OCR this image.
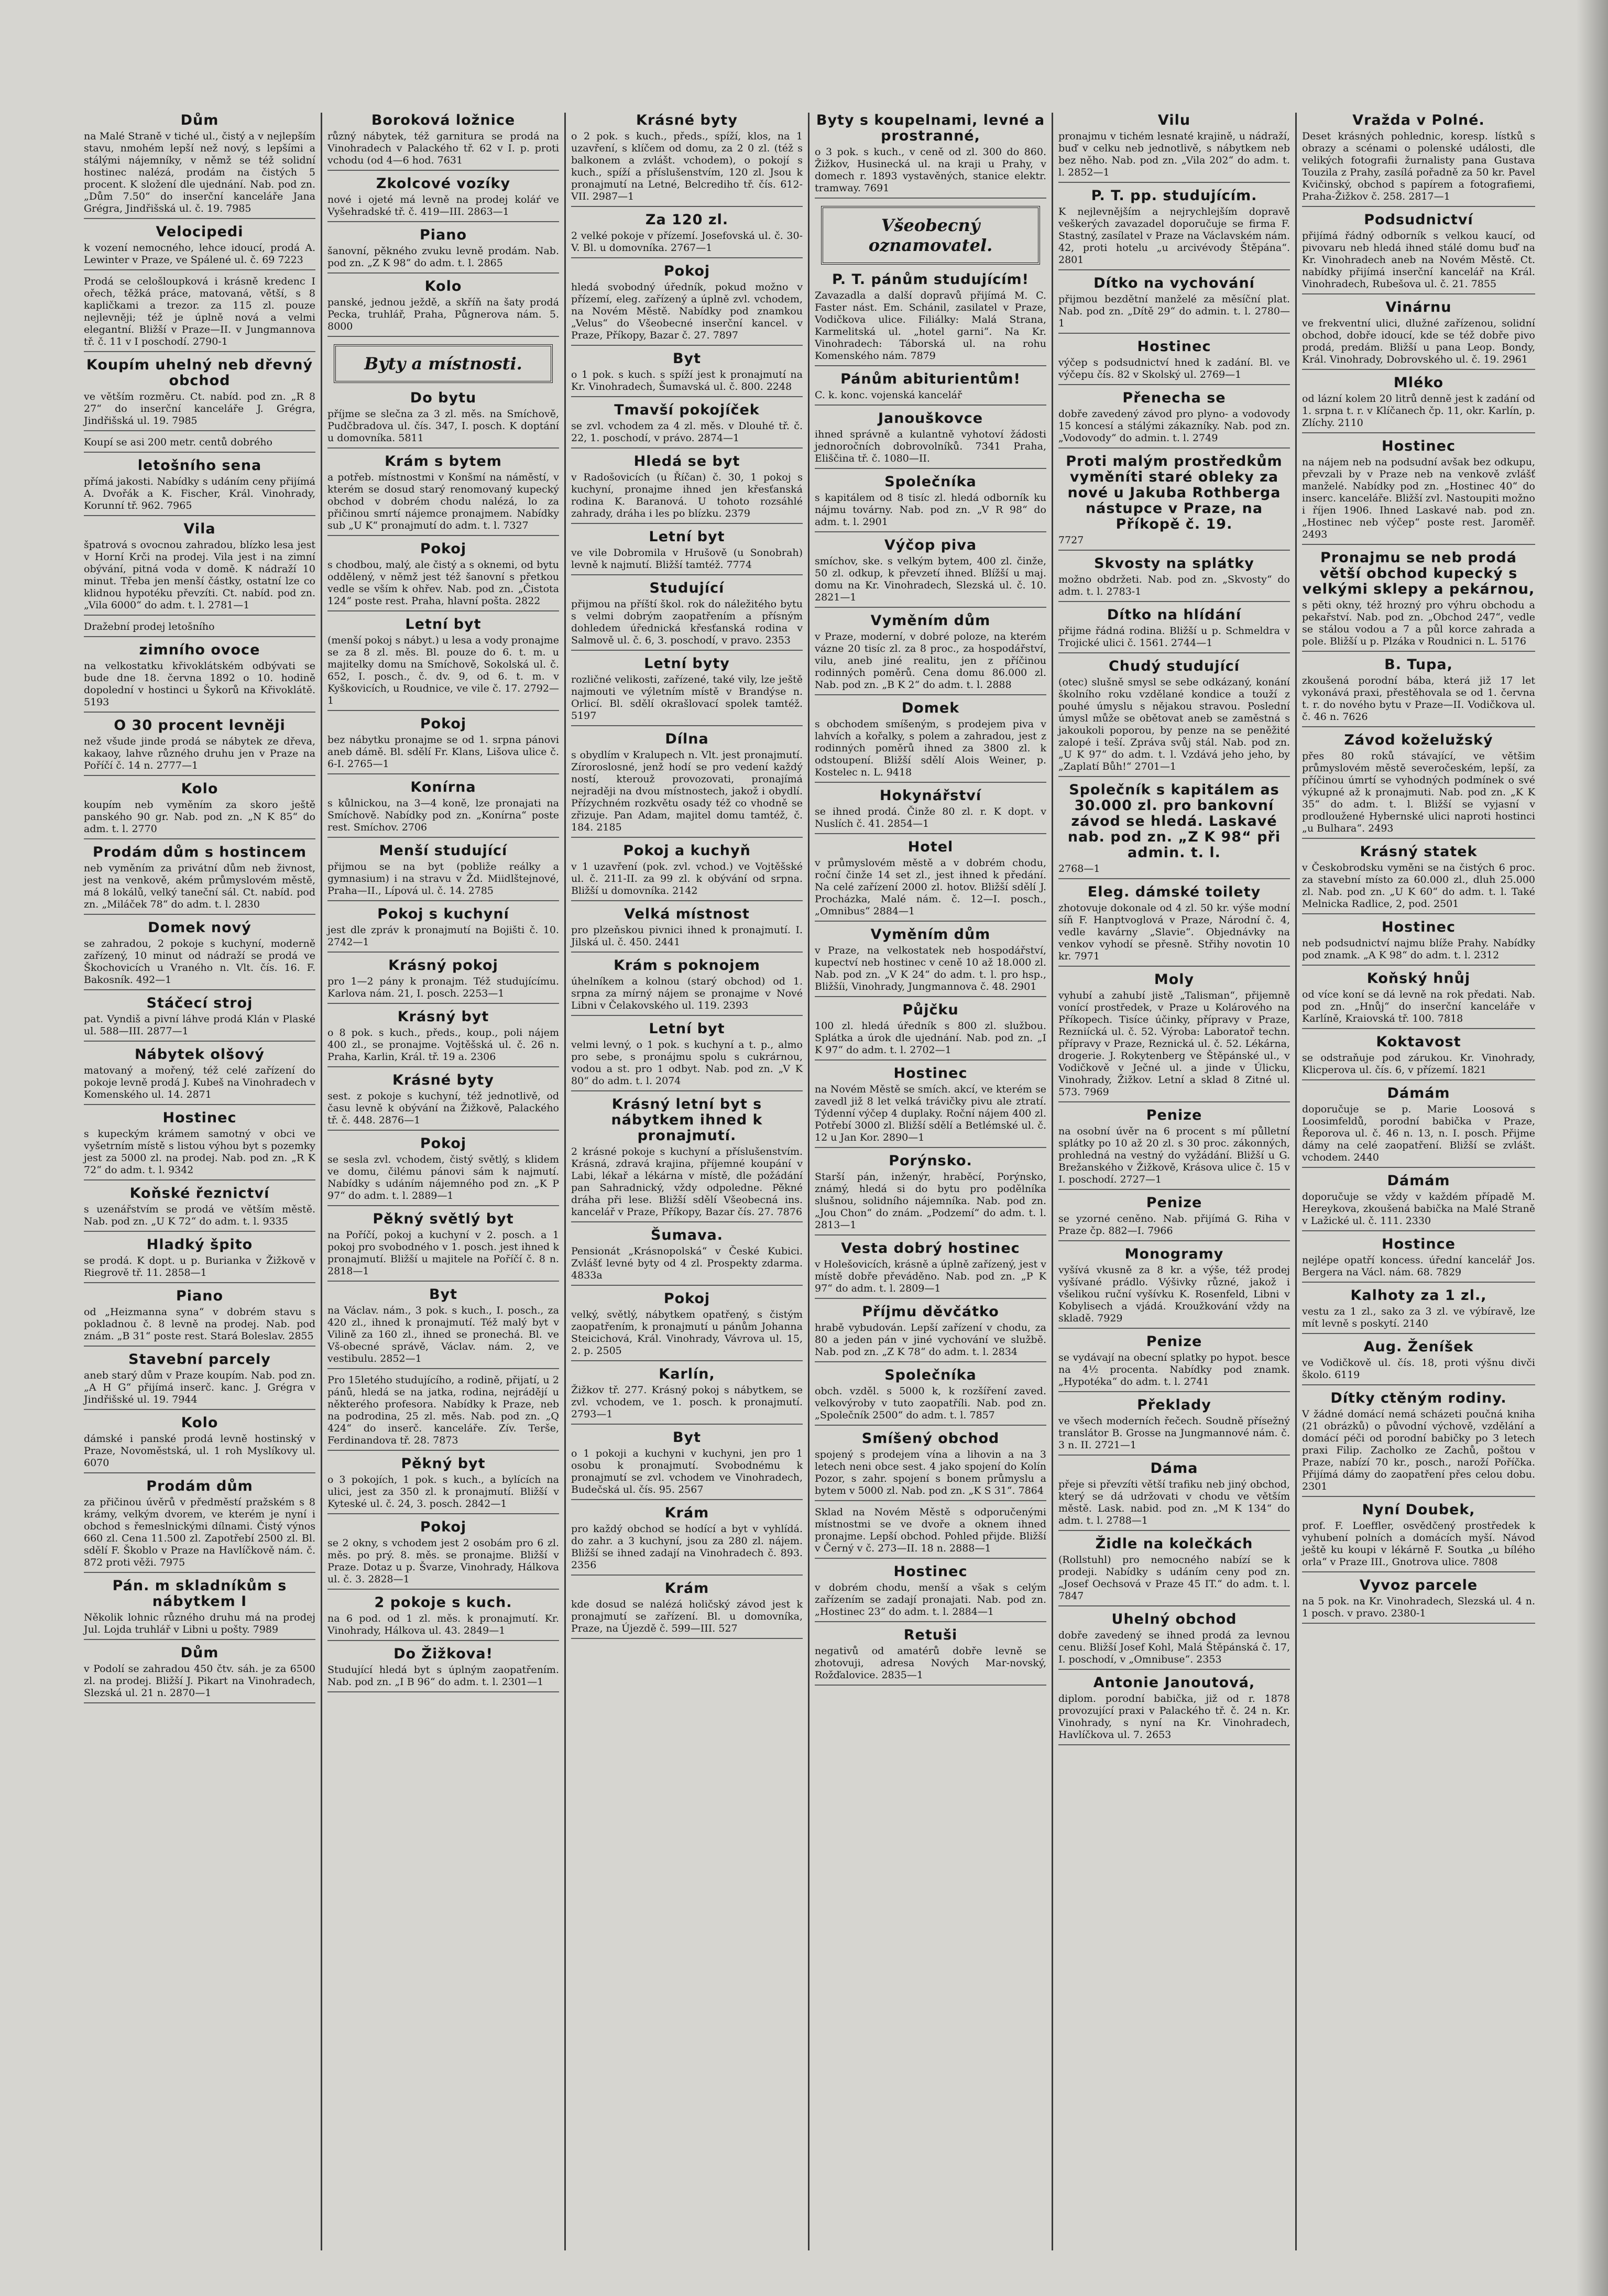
Dům

na Malé Straně v tiché ul., čistý a v nejlepším stavu, nmohém lepší než nový, s lepšími a stálými nájemníky, v němž se též solidní hostinec nalézá, prodám na čistých 5 procent. K složení dle ujednání. Nab. pod zn. „Dům 7.50“ do inserční kanceláře Jana Grégra, Jindřišská ul. č. 19. 7985

Velocipedi

k vození nemocného, lehce idoucí, prodá A. Lewinter v Praze, ve Spálené ul. č. 69 7223

Prodá se celošloupková i krásně kredenc I ořech, těžká práce, matovaná, větší, s 8 kapličkami a trezor. za 115 zl. pouze nejlevněji; též je úplně nová a velmi elegantní. Bližší v Praze—II. v Jungmannova tř. č. 11 v I poschodí. 2790-1

Koupím uhelný neb dřevný obchod

ve větším rozměru. Ct. nabíd. pod zn. „R 8 27“ do inserční kanceláře J. Grégra, Jindřišská ul. 19. 7985

Koupí se asi 200 metr. centů dobrého

letošního sena

přímá jakosti. Nabídky s udáním ceny přijímá A. Dvořák a K. Fischer, Král. Vinohrady, Korunní tř. 962. 7965

Vila

špatrová s ovocnou zahradou, blízko lesa jest v Horní Krči na prodej. Vila jest i na zimní obývání, pitná voda v domě. K nádraží 10 minut. Třeba jen menší částky, ostatní lze co klidnou hypotéku převzíti. Ct. nabíd. pod zn. „Vila 6000“ do adm. t. l. 2781—1

Dražební prodej letošního

zimního ovoce

na velkostatku křivoklátském odbývati se bude dne 18. června 1892 o 10. hodině dopolední v hostinci u Šykorů na Křivoklátě. 5193

O 30 procent levněji

než všude jinde prodá se nábytek ze dřeva, kakaoy, lahve různého druhu jen v Praze na Poříčí č. 14 n. 2777—1

Kolo

koupím neb vyměním za skoro ještě panského 90 gr. Nab. pod zn. „N K 85“ do adm. t. l. 2770

Prodám dům s hostincem

neb vyměním za privátní dům neb živnost, jest na venkově, akém průmyslovém městě, má 8 lokálů, velký taneční sál. Ct. nabíd. pod zn. „Miláček 78“ do adm. t. l. 2830

Domek nový

se zahradou, 2 pokoje s kuchyní, moderně zařízený, 10 minut od nádraží se prodá ve Škochovicích u Vraného n. Vlt. čís. 16. F. Bakosník. 492—1

Stáčecí stroj

pat. Vyndiš a pivní láhve prodá Klán v Plaské ul. 588—III. 2877—1

Nábytek olšový

matovaný a mořený, též celé zařízení do pokoje levně prodá J. Kubeš na Vinohradech v Komenského ul. 14. 2871

Hostinec

s kupeckým krámem samotný v obci ve vyšetrním místě s listou výhou byt s pozemky jest za 5000 zl. na prodej. Nab. pod zn. „R K 72“ do adm. t. l. 9342

Koňské řeznictví

s uzenářstvím se prodá ve větším městě. Nab. pod zn. „U K 72“ do adm. t. l. 9335

Hladký špito

se prodá. K dopt. u p. Burianka v Žižkově v Riegrově tř. 11. 2858—1

Piano

od „Heizmanna syna“ v dobrém stavu s pokladnou č. 8 levně na prodej. Nab. pod znám. „B 31“ poste rest. Stará Boleslav. 2855

Stavební parcely

aneb starý dům v Praze koupím. Nab. pod zn. „A H G“ přijímá inserč. kanc. J. Grégra v Jindřišské ul. 19. 7944

Kolo

dámské i panské prodá levně hostinský v Praze, Novoměstská, ul. 1 roh Myslíkovy ul. 6070

Prodám dům

za přičinou úvěrů v předměstí pražském s 8 krámy, velkým dvorem, ve kterém je nyní i obchod s řemeslnickými dílnami. Čistý výnos 660 zl. Cena 11.500 zl. Zapotřebí 2500 zl. Bl. sdělí F. Škoblo v Praze na Havlíčkově nám. č. 872 proti věži. 7975

Pán. m skladníkům s nábytkem I

Několik lohnic různého druhu má na prodej Jul. Lojda truhlář v Libni u pošty. 7989

Dům

v Podolí se zahradou 450 čtv. sáh. je za 6500 zl. na prodej. Bližší J. Pikart na Vinohradech, Slezská ul. 21 n. 2870—1

Boroková ložnice

různý nábytek, též garnitura se prodá na Vinohradech v Palackého tř. 62 v I. p. proti vchodu (od 4—6 hod. 7631

Zkolcové vozíky

nové i ojeté má levně na prodej koláŕ ve Vyšehradské tř. č. 419—III. 2863—1

Piano

šanovní, pěkného zvuku levně prodám. Nab. pod zn. „Z K 98“ do adm. t. l. 2865

Kolo

panské, jednou ježdě, a skříň na šaty prodá Pecka, truhlář, Praha, Půgnerova nám. 5. 8000

Byty a místnosti.
Do bytu

příjme se slečna za 3 zl. měs. na Smíchově, Pudčbradova ul. čís. 347, I. posch. K doptání u domovníka. 5811

Krám s bytem

a potřeb. místnostmi v Konšmí na náměstí, v kterém se dosud starý renomovaný kupecký obchod v dobrém chodu nalézá, lo za přičinou smrtí nájemce pronajmem. Nabídky sub „U K“ pronajmutí do adm. t. l. 7327

Pokoj

s chodbou, malý, ale čistý a s oknemi, od bytu oddělený, v němž jest též šanovní s přetkou vedle se vším k ohřev. Nab. pod zn. „Čistota 124“ poste rest. Praha, hlavní pošta. 2822

Letní byt

(menší pokoj s nábyt.) u lesa a vody pronajme se za 8 zl. měs. Bl. pouze do 6. t. m. u majitelky domu na Smíchově, Sokolská ul. č. 652, I. posch., č. dv. 9, od 6. t. m. v Kyškovicích, u Roudnice, ve vile č. 17. 2792—1

Pokoj

bez nábytku pronajme se od 1. srpna pánovi aneb dámě. Bl. sdělí Fr. Klans, Lišova ulice č. 6-I. 2765—1

Konírna

s kůlnickou, na 3—4 koně, lze pronajati na Smíchově. Nabídky pod zn. „Konírna“ poste rest. Smíchov. 2706

Menší studující

přijmou se na byt (pobliže reálky a gymnasium) i na stravu v Žd. Miidlštejnové, Praha—II., Lípová ul. č. 14. 2785

Pokoj s kuchyní

jest dle zpráv k pronajmutí na Bojišti č. 10. 2742—1

Krásný pokoj

pro 1—2 pány k pronajm. Též studujícímu. Karlova nám. 21, I. posch. 2253—1

Krásný byt

o 8 pok. s kuch., předs., koup., poli nájem 400 zl., se pronajme. Vojtěšská ul. č. 26 n. Praha, Karlin, Král. tř. 19 a. 2306

Krásné byty

sest. z pokoje s kuchyní, též jednotlivě, od času levně k obývání na Žižkově, Palackého tř. č. 448. 2876—1

Pokoj

se sesla zvl. vchodem, čistý světlý, s klidem ve domu, čilému pánovi sám k najmutí. Nabídky s udáním nájemného pod zn. „K P 97“ do adm. t. l. 2889—1

Pěkný světlý byt

na Poříčí, pokoj a kuchyní v 2. posch. a 1 pokoj pro svobodného v 1. posch. jest ihned k pronajmutí. Bližší u majitele na Poříčí č. 8 n. 2818—1

Byt

na Václav. nám., 3 pok. s kuch., I. posch., za 420 zl., ihned k pronajmutí. Též malý byt v Vilině za 160 zl., ihned se pronechá. Bl. ve Vš-obecné správě, Václav. nám. 2, ve vestibulu. 2852—1

Pro 15letého studujícího, a rodině, přijatí, u 2 pánů, hledá se na jatka, rodina, nejrádějí u některého profesora. Nabídky k Praze, neb na podrodina, 25 zl. měs. Nab. pod zn. „Q 424“ do inserč. kanceláře. Zív. Terše, Ferdinandova tř. 28. 7873

Pěkný byt

o 3 pokojích, 1 pok. s kuch., a bylících na ulici, jest za 350 zl. k pronajmutí. Bližší v Kyteské ul. č. 24, 3. posch. 2842—1

Pokoj

se 2 okny, s vchodem jest 2 osobám pro 6 zl. měs. po prý. 8. měs. se pronajme. Bližší v Praze. Dotaz u p. Švarze, Vinohrady, Hálkova ul. č. 3. 2828—1

2 pokoje s kuch.

na 6 pod. od 1 zl. měs. k pronajmutí. Kr. Vinohrady, Hálkova ul. 43. 2849—1

Do Žižkova!

Studující hledá byt s úplným zaopatřením. Nab. pod zn. „I B 96“ do adm. t. l. 2301—1

Krásné byty

o 2 pok. s kuch., předs., spíží, klos, na 1 uzavření, s klíčem od domu, za 2 0 zl. (též s balkonem a zvlášt. vchodem), o pokojí s kuch., spíží a příslušenstvím, 120 zl. Jsou k pronajmutí na Letné, Belcrediho tř. čís. 612-VII. 2987—1

Za 120 zl.

2 velké pokoje v přízemí. Josefovská ul. č. 30-V. Bl. u domovníka. 2767—1

Pokoj

hledá svobodný úředník, pokud možno v přízemí, eleg. zařízený a úplně zvl. vchodem, na Novém Městě. Nabídky pod znamkou „Velus“ do Všeobecné inserční kancel. v Praze, Příkopy, Bazar č. 27. 7897

Byt

o 1 pok. s kuch. s spíží jest k pronajmutí na Kr. Vinohradech, Šumavská ul. č. 800. 2248

Tmavší pokojíček

se zvl. vchodem za 4 zl. měs. v Dlouhé tř. č. 22, 1. poschodí, v právo. 2874—1

Hledá se byt

v Radošovicích (u Říčan) č. 30, 1 pokoj s kuchyní, pronajme ihned jen křesťanská rodina K. Baranová. U tohoto rozsáhlé zahrady, dráha i les po blízku. 2379

Letní byt

ve vile Dobromila v Hrušově (u Sonobrah) levně k najmutí. Bližší tamtéž. 7774

Studující

přijmou na příští škol. rok do náležitého bytu s velmi dobrým zaopatřením a přísným dohledem úřednická křesťanská rodina v Salmově ul. č. 6, 3. poschodí, v pravo. 2353

Letní byty

rozličné velikosti, zařízené, také vily, lze ještě najmouti ve výletním místě v Brandýse n. Orlicí. Bl. sdělí okrašlovací spolek tamtéž. 5197

Dílna

s obydlím v Kralupech n. Vlt. jest pronajmutí. Zíroroslosné, jenž hodí se pro vedení každý ností, kterouž provozovati, pronajímá nejraději na dvou místnostech, jakož i obydlí. Přízychném rozkvětu osady též co vhodně se zřizuje. Pan Adam, majitel domu tamtéž, č. 184. 2185

Pokoj a kuchyň

v 1 uzavření (pok. zvl. vchod.) ve Vojtěšské ul. č. 211-II. za 99 zl. k obývání od srpna. Bližší u domovníka. 2142

Velká místnost

pro plzeňskou pivnici ihned k pronajmutí. I. Jilská ul. č. 450. 2441

Krám s poknojem

úhelníkem a kolnou (starý obchod) od 1. srpna za mírný nájem se pronajme v Nové Libni v Čelakovského ul. 119. 2393

Letní byt

velmi levný, o 1 pok. s kuchyní a t. p., almo pro sebe, s pronájmu spolu s cukrárnou, vodou a st. pro 1 odbyt. Nab. pod zn. „V K 80“ do adm. t. l. 2074

Krásný letní byt s nábytkem ihned k pronajmutí.

2 krásné pokoje s kuchyní a příslušenstvím. Krásná, zdravá krajina, příjemné koupání v Labi, lékař a lékárna v místě, dle požádání pan Sahradnický, vždy odpoledne. Pěkné dráha při lese. Bližší sdělí Všeobecná ins. kancelář v Praze, Příkopy, Bazar čís. 27. 7876

Šumava.

Pensionát „Krásnopolská“ v České Kubici. Zvlášť levné byty od 4 zl. Prospekty zdarma. 4833a

Pokoj

velký, světlý, nábytkem opatřený, s čistým zaopatřením, k pronajmutí u pánům Johanna Steicichová, Král. Vinohrady, Vávrova ul. 15, 2. p. 2505

Karlín,

Žižkov tř. 277. Krásný pokoj s nábytkem, se zvl. vchodem, ve 1. posch. k pronajmutí. 2793—1

Byt

o 1 pokoji a kuchyni v kuchyni, jen pro 1 osobu k pronajmutí. Svobodnému k pronajmutí se zvl. vchodem ve Vinohradech, Budečská ul. čís. 95. 2567

Krám

pro každý obchod se hodící a byt v vyhlídá. do zahr. a 3 kuchyní, jsou za 280 zl. nájem. Bližší se ihned zadají na Vinohradech č. 893. 2356

Krám

kde dosud se nalézá holičský závod jest k pronajmutí se zařízení. Bl. u domovníka, Praze, na Újezdě č. 599—III. 527

Byty s koupelnami, levné a prostranné,

o 3 pok. s kuch., v ceně od zl. 300 do 860. Žižkov, Husinecká ul. na kraji u Prahy, v domech r. 1893 vystavěných, stanice elektr. tramway. 7691

Všeobecný oznamovatel.
P. T. pánům studujícím!

Zavazadla a další dopravů přijímá M. C. Faster nást. Em. Schánil, zasilatel v Praze, Vodičkova ulice. Filiálky: Malá Strana, Karmelitská ul. „hotel garni“. Na Kr. Vinohradech: Táborská ul. na rohu Komenského nám. 7879

Pánům abiturientům!

C. k. konc. vojenská kancelář

Janouškovce

ihned správně a kulantně vyhotoví žádosti jednoročních dobrovolníků. 7341 Praha, Eliščina tř. č. 1080—II.

Společníka

s kapitálem od 8 tisíc zl. hledá odborník ku nájmu továrny. Nab. pod zn. „V R 98“ do adm. t. l. 2901

Výčop piva

smíchov, ske. s velkým bytem, 400 zl. činže, 50 zl. odkup, k převzetí ihned. Blížší u maj. domu na Kr. Vinohradech, Slezská ul. č. 10. 2821—1

Vyměním dům

v Praze, moderní, v dobré poloze, na kterém vázne 20 tisíc zl. za 8 proc., za hospodářství, vilu, aneb jiné realitu, jen z příčinou rodinných poměrů. Cena domu 86.000 zl. Nab. pod zn. „B K 2“ do adm. t. l. 2888

Domek

s obchodem smíšeným, s prodejem piva v lahvích a kořalky, s polem a zahradou, jest z rodinných poměrů ihned za 3800 zl. k odstoupení. Bližší sdělí Alois Weiner, p. Kostelec n. L. 9418

Hokynářství

se ihned prodá. Činže 80 zl. r. K dopt. v Nuslích č. 41. 2854—1

Hotel

v průmyslovém městě a v dobrém chodu, roční činže 14 set zl., jest ihned k předání. Na celé zařízení 2000 zl. hotov. Bližší sdělí J. Procházka, Malé nám. č. 12—I. posch., „Omnibus“ 2884—1

Vyměním dům

v Praze, na velkostatek neb hospodářství, kupectví neb hostinec v ceně 10 až 18.000 zl. Nab. pod zn. „V K 24“ do adm. t. l. pro hsp., Bližšíi, Vinohrady, Jungmannova č. 48. 2901

Půjčku

100 zl. hledá úředník s 800 zl. službou. Splátka a úrok dle ujednání. Nab. pod zn. „I K 97“ do adm. t. l. 2702—1

Hostinec

na Novém Městě se smích. akcí, ve kterém se zavedl již 8 let velká trávičky pivu ale ztratí. Týdenní výčep 4 duplaky. Roční nájem 400 zl. Potřebí 3000 zl. Bližší sdělí a Betlémské ul. č. 12 u Jan Kor. 2890—1

Porýnsko.

Starší pán, inženýr, hraběcí, Porýnsko, známý, hledá si do bytu pro podělníka slušnou, solidního nájemníka. Nab. pod zn. „Jou Chon“ do znám. „Podzemí“ do adm. t. l. 2813—1

Vesta dobrý hostinec

v Holešovicích, krásně a úplně zařízený, jest v místě dobře převáděno. Nab. pod zn. „P K 97“ do adm. t. l. 2809—1

Příjmu děvčátko

hrabě vybudován. Lepší zařízení v chodu, za 80 a jeden pán v jiné vychování ve službě. Nab. pod zn. „Z K 78“ do adm. t. l. 2834

Společníka

obch. vzděl. s 5000 k, k rozšíření zaved. velkovýroby v tuto zaopatříli. Nab. pod zn. „Společník 2500“ do adm. t. l. 7857

Smíšený obchod

spojený s prodejem vína a lihovin a na 3 letech neni obce sest. 4 jako spojení do Kolín Pozor, s zahr. spojení s bonem průmyslu a bytem v 5000 zl. Nab. pod zn. „K S 31“. 7864

Sklad na Novém Městě s odporučenými místnostmi se ve dvoře a oknem ihned pronajme. Lepší obchod. Pohled přijde. Bližší v Černý v č. 273—II. 18 n. 2888—1

Hostinec

v dobrém chodu, menší a však s celým zařízením se zadají pronajati. Nab. pod zn. „Hostinec 23“ do adm. t. l. 2884—1

Retuši

negativů od amatérů dobře levně se zhotovuji, adresa Nových Mar-novský, Rožďalovice. 2835—1

Vilu

pronajmu v tichém lesnaté krajině, u nádraží, buď v celku neb jednotlivě, s nábytkem neb bez něho. Nab. pod zn. „Vila 202“ do adm. t. l. 2852—1

P. T. pp. studujícím.

K nejlevnějším a nejrychlejším dopravě veškerých zavazadel doporučuje se firma F. Stastný, zasílatel v Praze na Václavském nám. 42, proti hotelu „u arcivévody Štěpána“. 2801

Dítko na vychování

přijmou bezdětní manželé za měsíční plat. Nab. pod zn. „Dítě 29“ do admin. t. l. 2780—1

Hostinec

výčep s podsudnictví hned k zadání. Bl. ve výčepu čís. 82 v Skolský ul. 2769—1

Přenecha se

dobře zavedený závod pro plyno- a vodovody 15 koncesí a stálými zákazníky. Nab. pod zn. „Vodovody“ do admin. t. l. 2749

Proti malým prostředkům vyměníti staré obleky za nové u Jakuba Rothberga nástupce v Praze, na Příkopě č. 19.

7727

Skvosty na splátky

možno obdržeti. Nab. pod zn. „Skvosty“ do adm. t. l. 2783-1

Dítko na hlídání

přijme řádná rodina. Bližší u p. Schmeldra v Trojické ulici č. 1561. 2744—1

Chudý studující

(otec) slušně smysl se sebe odkázaný, konání školního roku vzdělané kondice a touží z pouhé úmyslu s nějakou stravou. Poslední úmysl může se obětovat aneb se zaměstná s jakoukoli poporou, by penze na se peněžité zalopé i teší. Zpráva svůj stál. Nab. pod zn. „U K 97“ do adm. t. l. Vzdává jeho jeho, by „Zaplatí Bůh!“ 2701—1

Společník s kapitálem as 30.000 zl. pro bankovní závod se hledá. Laskavé nab. pod zn. „Z K 98“ při admin. t. l.

2768—1

Eleg. dámské toilety

zhotovuje dokonale od 4 zl. 50 kr. výše modní síň F. Hanptvoglová v Praze, Národní č. 4, vedle kavárny „Slavie“. Objednávky na venkov vyhodí se přesně. Střihy novotin 10 kr. 7971

Moly

vyhubí a zahubí jistě „Talisman“, přijemně vonící prostředek, v Praze u Kolárového na Příkopech. Tisíce účinky, přípravy v Praze, Rezniícká ul. č. 52. Výroba: Laboratoř techn. přípravy v Praze, Reznická ul. č. 52. Lékárna, drogerie. J. Rokytenberg ve Štěpánské ul., v Vodičkově v Ječné ul. a jinde v Úlicku, Vinohrady, Žižkov. Letní a sklad 8 Zitné ul. 573. 7969

Penize

na osobní úvěr na 6 procent s mí půlletní splátky po 10 až 20 zl. s 30 proc. zákonných, prohledná na vestný do vyžádání. Bližší u G. Brežanského v Žižkově, Krásova ulice č. 15 v I. poschodí. 2727—1

Penize

se yzorné ceněno. Nab. přijímá G. Riha v Praze čp. 882—I. 7966

Monogramy

vyšívá vkusně za 8 kr. a výše, též prodej vyšívané prádlo. Výšivky různé, jakož i všelikou ruční vyšívku K. Rosenfeld, Libni v Kobylisech a vjádá. Kroužkování vždy na skladě. 7929

Penize

se vydávají na obecní splatky po hypot. besce na 4½ procenta. Nabídky pod znamk. „Hypotéka“ do adm. t. l. 2741

Překlady

ve všech moderních řečech. Soudně přísežný translátor B. Grosse na Jungmannové nám. č. 3 n. II. 2721—1

Dáma

přeje si převzíti větší trafiku neb jiný obchod, který se dá udržovati v chodu ve větším městě. Lask. nabid. pod zn. „M K 134“ do adm. t. l. 2788—1

Židle na kolečkách

(Rollstuhl) pro nemocného nabízí se k prodeji. Nabídky s udáním ceny pod zn. „Josef Oechsová v Praze 45 IT.“ do adm. t. l. 7847

Uhelný obchod

dobře zavedený se ihned prodá za levnou cenu. Bližší Josef Kohl, Malá Štěpánská č. 17, I. poschodí, v „Omnibuse“. 2353

Antonie Janoutová,

diplom. porodní babička, již od r. 1878 provozující praxi v Palackého tř. č. 24 n. Kr. Vinohrady, s nyní na Kr. Vinohradech, Havlíčkova ul. 7. 2653

Vražda v Polné.

Deset krásných pohlednic, koresp. lístků s obrazy a scénami o polenské události, dle velikých fotografii žurnalisty pana Gustava Touzila z Prahy, zasílá pořadně za 50 kr. Pavel Kvičinský, obchod s papírem a fotografiemi, Praha-Žižkov č. 258. 2817—1

Podsudnictví

přijímá řádný odborník s velkou kaucí, od pivovaru neb hledá ihned stálé domu buď na Kr. Vinohradech aneb na Novém Městě. Ct. nabídky přijímá inserční kancelář na Král. Vinohradech, Rubešova ul. č. 21. 7855

Vinárnu

ve frekventní ulici, dlužné zařízenou, solidní obchod, dobře idoucí, kde se též dobře pivo prodá, predám. Bližší u pana Leop. Bondy, Král. Vinohrady, Dobrovského ul. č. 19. 2961

Mléko

od lázní kolem 20 litrů denně jest k zadání od 1. srpna t. r. v Klíčanech čp. 11, okr. Karlín, p. Zlíchy. 2110

Hostinec

na nájem neb na podsudní avšak bez odkupu, převzali by v Praze neb na venkově zvlášť manželé. Nabídky pod zn. „Hostinec 40“ do inserc. kanceláře. Bližší zvl. Nastoupiti možno i říjen 1906. Ihned Laskavé nab. pod zn. „Hostinec neb výčep“ poste rest. Jaroměř. 2493

Pronajmu se neb prodá větší obchod kupecký s velkými sklepy a pekárnou,

s pěti okny, též hrozný pro výhru obchodu a pekařství. Nab. pod zn. „Obchod 247“, vedle se stálou vodou a 7 a půl korce zahrada a pole. Bližší u p. Plzáka v Roudnici n. L. 5176

B. Tupa,

zkoušená porodní bába, která již 17 let vykonává praxi, přestěhovala se od 1. června t. r. do nového bytu v Praze—II. Vodičkova ul. č. 46 n. 7626

Závod koželužský

přes 80 roků stávající, ve většim průmyslovém městě severočeském, lepší, za příčinou úmrtí se vyhodných podmínek o své výkupné až k pronajmuti. Nab. pod zn. „K K 35“ do adm. t. l. Bližší se vyjasní v prodloužené Hybernské ulici naproti hostinci „u Bulhara“. 2493

Krásný statek

v Českobrodsku vyměni se na čistých 6 proc. za stavební místo za 60.000 zl., dluh 25.000 zl. Nab. pod zn. „U K 60“ do adm. t. l. Také Melnicka Radlice, 2, pod. 2501

Hostinec

neb podsudnictví najmu blíže Prahy. Nabídky pod znamk. „A K 98“ do adm. t. l. 2312

Koňský hnůj

od více koní se dá levně na rok předati. Nab. pod zn. „Hnůj“ do inserční kanceláře v Karlíně, Kraiovská tř. 100. 7818

Koktavost

se odstraňuje pod zárukou. Kr. Vinohrady, Klicperova ul. čís. 6, v přízemí. 1821

Dámám

doporučuje se p. Marie Loosová s Loosimfeldů, porodní babička v Praze, Řeporova ul. č. 46 n. 13, n. I. posch. Přijme dámy na celé zaopatření. Bližší se zvlášt. vchodem. 2440

Dámám

doporučuje se vždy v každém případě M. Hereykova, zkoušená babička na Malé Straně v Lažické ul. č. 111. 2330

Hostince

nejlépe opatří koncess. úřední kancelář Jos. Bergera na Václ. nám. 68. 7829

Kalhoty za 1 zl.,

vestu za 1 zl., sako za 3 zl. ve výbíravě, lze mít levně s poskytí. 2140

Aug. Ženíšek

ve Vodičkově ul. čís. 18, proti výšnu divči školo. 6119

Dítky ctěným rodiny.

V žádné domácí nemá scházeti poučná kniha (21 obrázků) o původní výchově, vzdělání a domácí péči od porodní babičky po 3 letech praxi Filip. Zacholko ze Zachů, poštou v Praze, nabízí 70 kr., posch., naroží Poříčka. Přijímá dámy do zaopatření přes celou dobu. 2301

Nyní Doubek,

prof. F. Loeffler, osvědčený prostředek k vyhubení polních a domácích myší. Návod ještě ku koupi v lékárně F. Soutka „u bílého orla“ v Praze III., Gnotrova ulice. 7808

Vyvoz parcele

na 5 pok. na Kr. Vinohradech, Slezská ul. 4 n. 1 posch. v pravo. 2380-1
